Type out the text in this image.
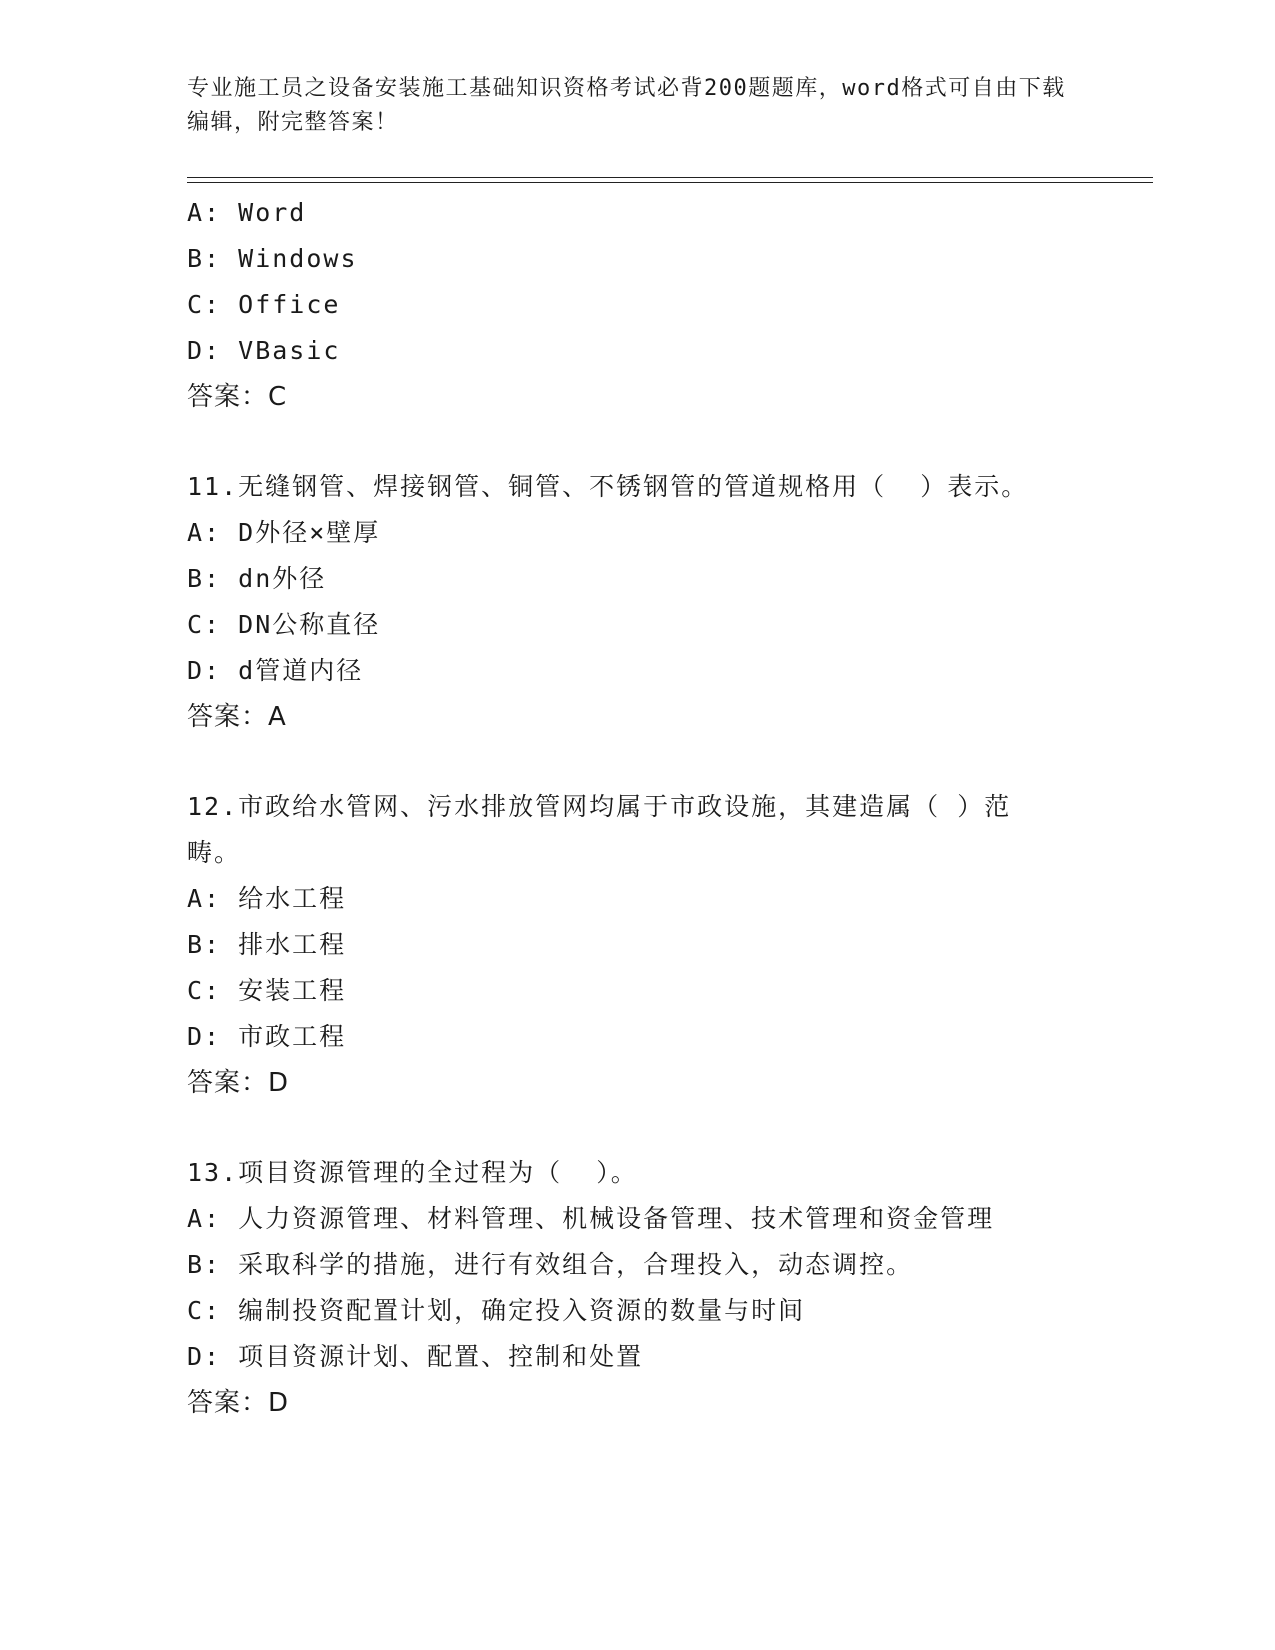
专业施工员之设备安装施工基础知识资格考试必背200题题库，word格式可自由下载编辑，附完整答案！
A: Word
B: Windows
C: Office
D: VBasic
答案：C
11.无缝钢管、焊接钢管、铜管、不锈钢管的管道规格用（  ）表示。
A: D外径×壁厚
B: dn外径
C: DN公称直径
D: d管道内径
答案：A
12.市政给水管网、污水排放管网均属于市政设施，其建造属（ ）范畴。
A: 给水工程
B: 排水工程
C: 安装工程
D: 市政工程
答案：D
13.项目资源管理的全过程为（  ）。
A: 人力资源管理、材料管理、机械设备管理、技术管理和资金管理
B: 采取科学的措施，进行有效组合，合理投入，动态调控。
C: 编制投资配置计划，确定投入资源的数量与时间
D: 项目资源计划、配置、控制和处置
答案：D
